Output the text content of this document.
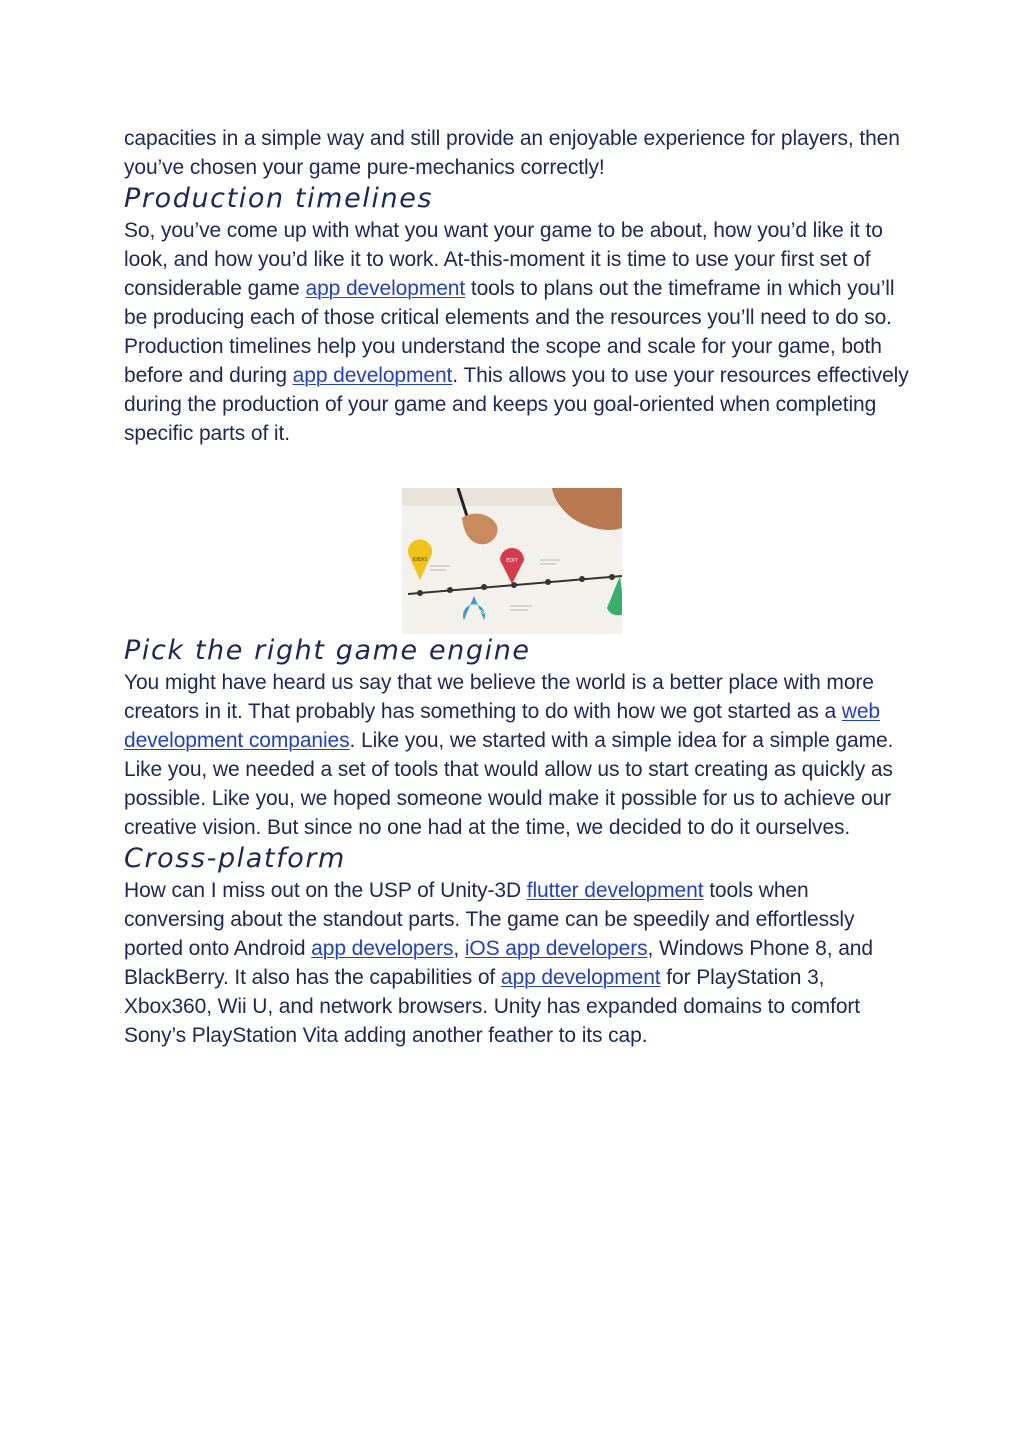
capacities in a simple way and still provide an enjoyable experience for players, then you’ve chosen your game pure-mechanics correctly!

Production timelines

So, you’ve come up with what you want your game to be about, how you’d like it to look, and how you’d like it to work. At-this-moment it is time to use your first set of considerable game app development tools to plans out the timeframe in which you’ll be producing each of those critical elements and the resources you’ll need to do so. Production timelines help you understand the scope and scale for your game, both before and during app development. This allows you to use your resources effectively during the production of your game and keeps you goal-oriented when completing specific parts of it.

IDEAS	EDIT
DRAFT
Pick the right game engine

You might have heard us say that we believe the world is a better place with more creators in it. That probably has something to do with how we got started as a web development companies. Like you, we started with a simple idea for a simple game. Like you, we needed a set of tools that would allow us to start creating as quickly as possible. Like you, we hoped someone would make it possible for us to achieve our creative vision. But since no one had at the time, we decided to do it ourselves.

Cross-platform

How can I miss out on the USP of Unity-3D flutter development tools when conversing about the standout parts. The game can be speedily and effortlessly ported onto Android app developers, iOS app developers, Windows Phone 8, and BlackBerry. It also has the capabilities of app development for PlayStation 3, Xbox360, Wii U, and network browsers. Unity has expanded domains to comfort Sony’s PlayStation Vita adding another feather to its cap.
